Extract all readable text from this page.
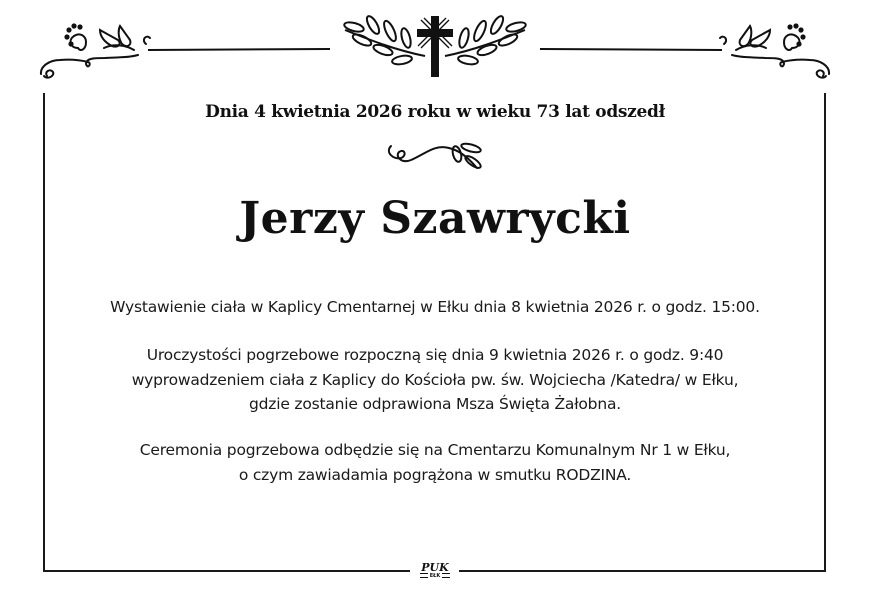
Dnia 4 kwietnia 2026 roku w wieku 73 lat odszedł
Jerzy Szawrycki
Wystawienie ciała w Kaplicy Cmentarnej w Ełku dnia 8 kwietnia 2026 r. o godz. 15:00.
Uroczystości pogrzebowe rozpoczną się dnia 9 kwietnia 2026 r. o godz. 9:40
wyprowadzeniem ciała z Kaplicy do Kościoła pw. św. Wojciecha /Katedra/ w Ełku,
gdzie zostanie odprawiona Msza Święta Żałobna.
Ceremonia pogrzebowa odbędzie się na Cmentarzu Komunalnym Nr 1 w Ełku,
o czym zawiadamia pogrążona w smutku RODZINA.
PUK
EŁK
